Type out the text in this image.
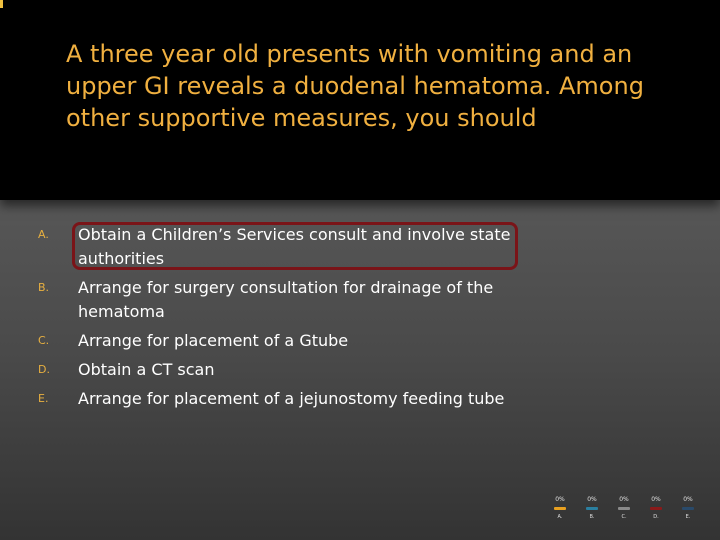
A three year old presents with vomiting and an
upper GI reveals a duodenal hematoma. Among
other supportive measures, you should
A.	Obtain a Children’s Services consult and involve state
authorities
B.	Arrange for surgery consultation for drainage of the
hematoma
C.	Arrange for placement of a Gtube
D.	Obtain a CT scan
E.	Arrange for placement of a jejunostomy feeding tube
0%
A.
0%
B.
0%
C.
0%
D.
0%
E.
